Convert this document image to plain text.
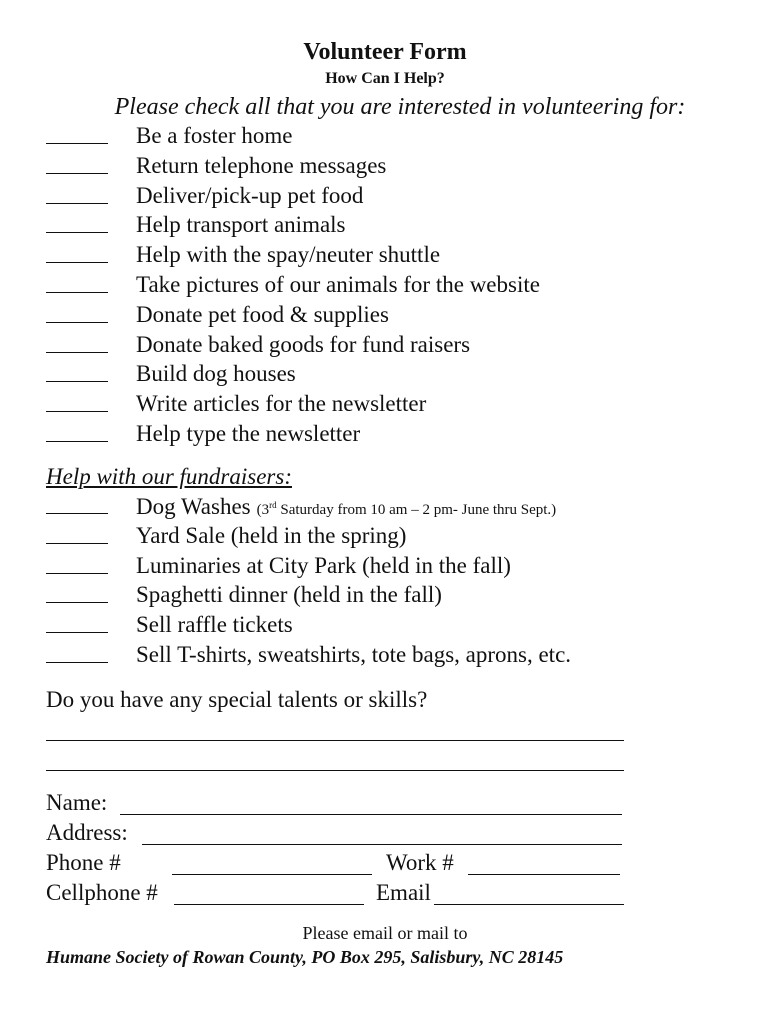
Volunteer Form
How Can I Help?
Please check all that you are interested in volunteering for:
Be a foster home
Return telephone messages
Deliver/pick-up pet food
Help transport animals
Help with the spay/neuter shuttle
Take pictures of our animals for the website
Donate pet food & supplies
Donate baked goods for fund raisers
Build dog houses
Write articles for the newsletter
Help type the newsletter
Help with our fundraisers:
Dog Washes (3rd Saturday from 10 am – 2 pm- June thru Sept.)
Yard Sale (held in the spring)
Luminaries at City Park (held in the fall)
Spaghetti dinner (held in the fall)
Sell raffle tickets
Sell T-shirts, sweatshirts, tote bags, aprons, etc.
Do you have any special talents or skills?
Name:
Address:
Phone #	Work #
Cellphone #	Email
Please email or mail to
Humane Society of Rowan County, PO Box 295, Salisbury, NC 28145
